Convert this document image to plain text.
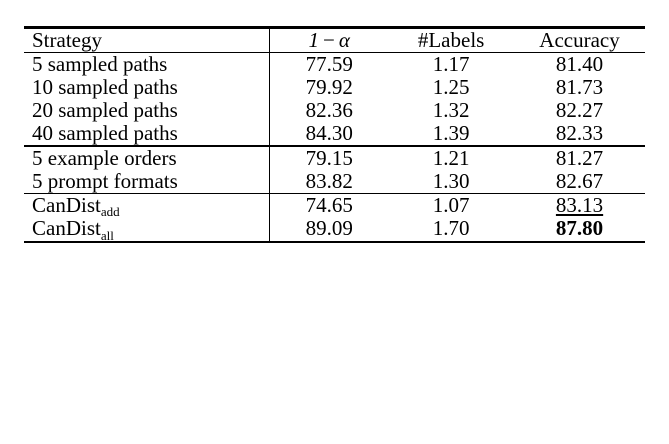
Strategy	1 − α	#Labels	Accuracy

5 sampled paths	77.59	1.17	81.40
10 sampled paths	79.92	1.25	81.73
20 sampled paths	82.36	1.32	82.27
40 sampled paths	84.30	1.39	82.33

5 example orders	79.15	1.21	81.27
5 prompt formats	83.82	1.30	82.67

CanDist$_{add}$	74.65	1.07	83.13
CanDist$_{all}$	89.09	1.70	87.80
